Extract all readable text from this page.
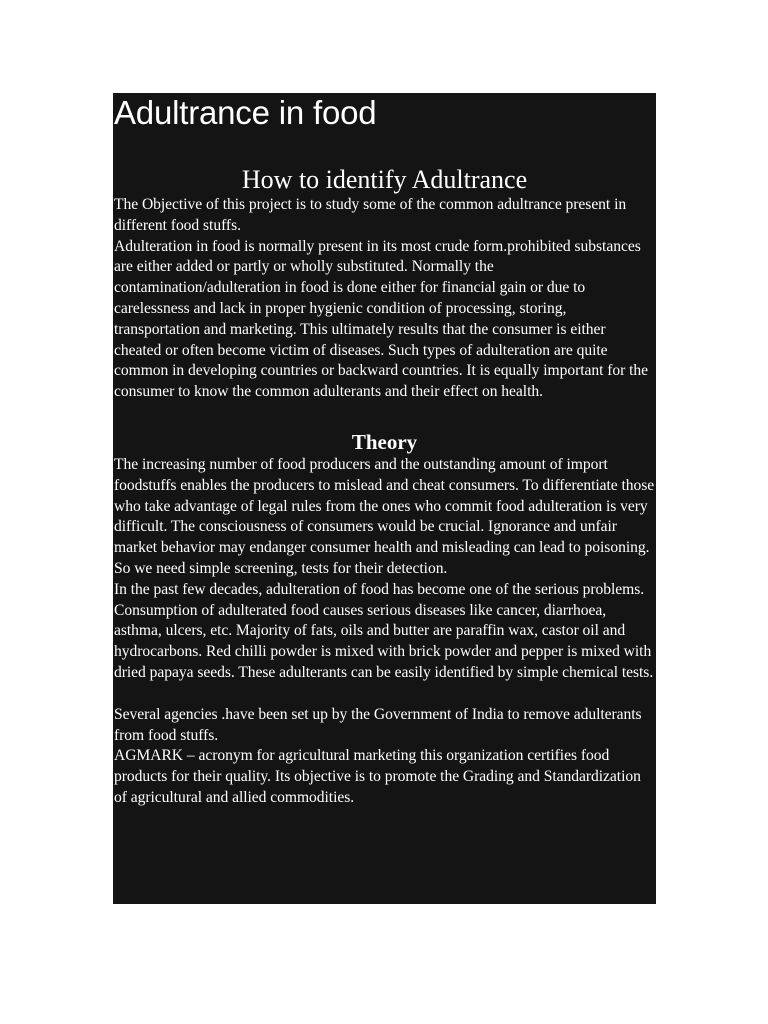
Adultrance in food
How to identify Adultrance

The Objective of this project is to study some of the common adultrance present in different food stuffs.

Adulteration in food is normally present in its most crude form.prohibited substances are either added or partly or wholly substituted. Normally the contamination/adulteration in food is done either for financial gain or due to carelessness and lack in proper hygienic condition of processing, storing, transportation and marketing. This ultimately results that the consumer is either cheated or often become victim of diseases. Such types of adulteration are quite common in developing countries or backward countries. It is equally important for the consumer to know the common adulterants and their effect on health.

Theory

The increasing number of food producers and the outstanding amount of import foodstuffs enables the producers to mislead and cheat consumers. To differentiate those who take advantage of legal rules from the ones who commit food adulteration is very difficult. The consciousness of consumers would be crucial. Ignorance and unfair market behavior may endanger consumer health and misleading can lead to poisoning. So we need simple screening, tests for their detection.

In the past few decades, adulteration of food has become one of the serious problems. Consumption of adulterated food causes serious diseases like cancer, diarrhoea, asthma, ulcers, etc. Majority of fats, oils and butter are paraffin wax, castor oil and hydrocarbons. Red chilli powder is mixed with brick powder and pepper is mixed with dried papaya seeds. These adulterants can be easily identified by simple chemical tests.

Several agencies .have been set up by the Government of India to remove adulterants from food stuffs.

AGMARK – acronym for agricultural marketing this organization certifies food products for their quality. Its objective is to promote the Grading and Standardization of agricultural and allied commodities.
